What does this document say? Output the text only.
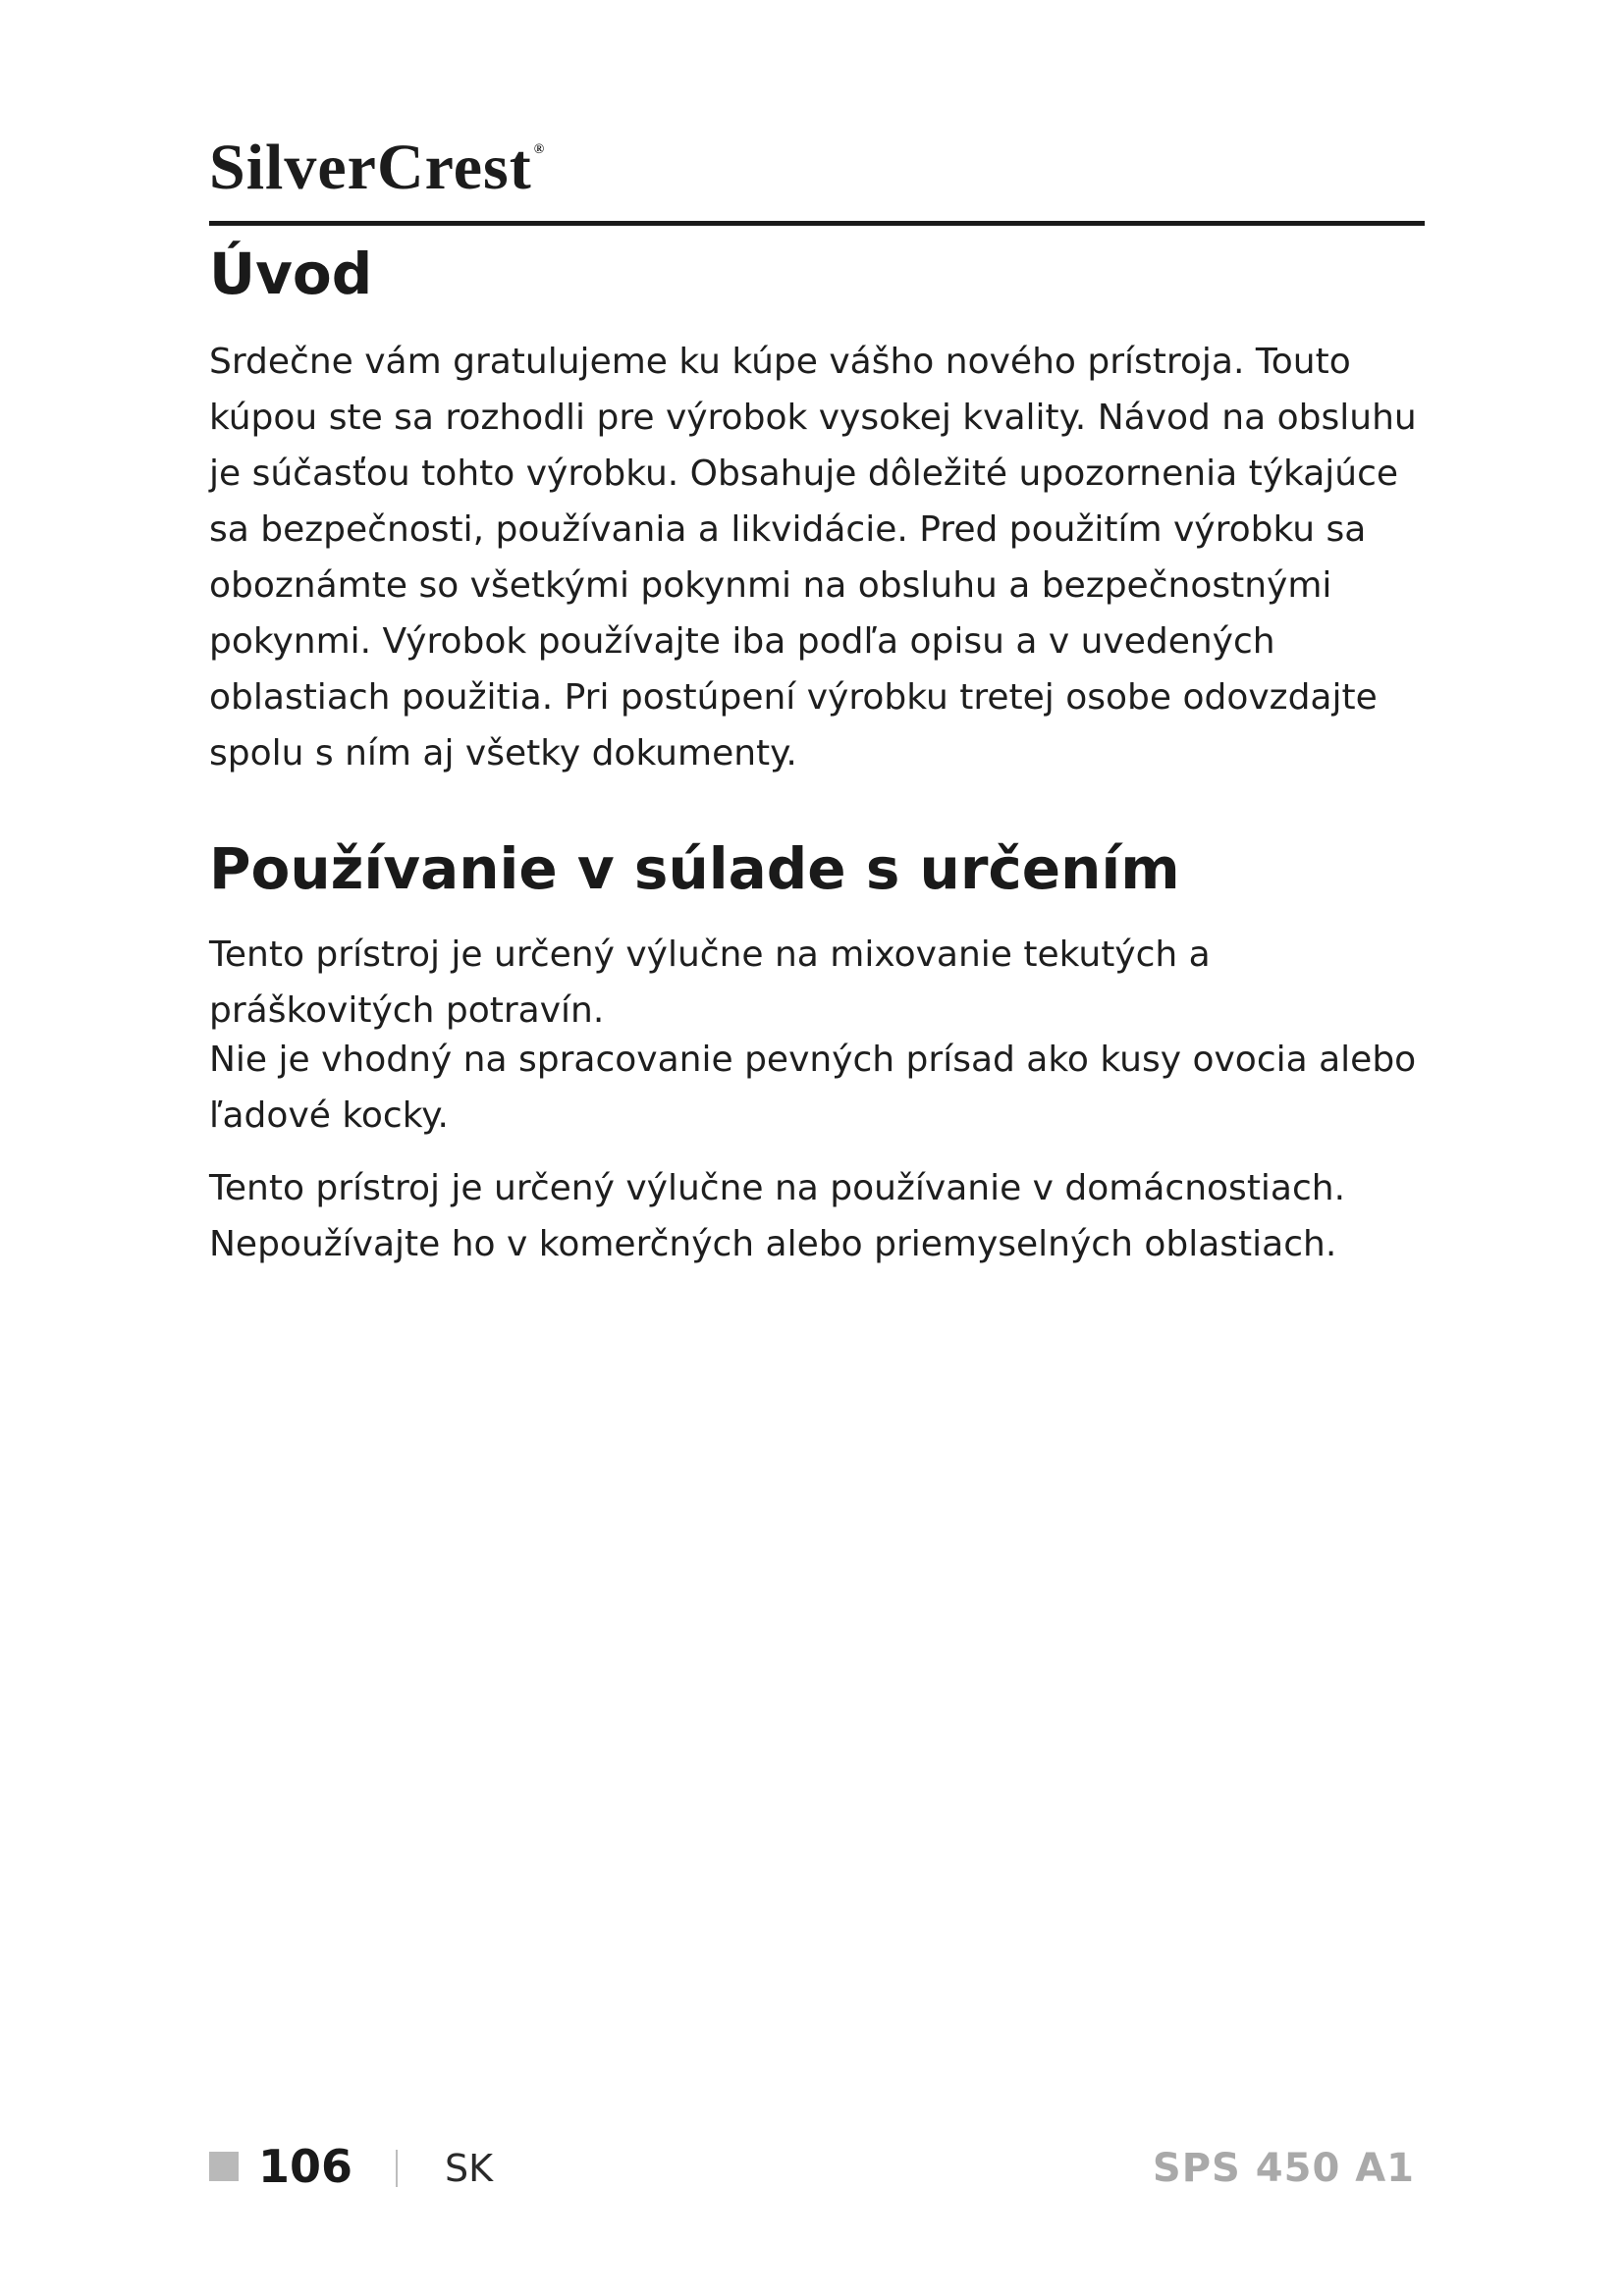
SilverCrest ®
Úvod

Srdečne vám gratulujeme ku kúpe vášho nového prístroja. Touto kúpou ste sa rozhodli pre výrobok vysokej kvality. Návod na obsluhu je súčasťou tohto výrobku. Obsahuje dôležité upozornenia týkajúce sa bezpečnosti, používania a likvidácie. Pred použitím výrobku sa oboznámte so všetkými pokynmi na obsluhu a bezpečnostnými pokynmi. Výrobok používajte iba podľa opisu a v uvedených oblastiach použitia. Pri postúpení výrobku tretej osobe odovzdajte spolu s ním aj všetky dokumenty.

Používanie v súlade s určením

Tento prístroj je určený výlučne na mixovanie tekutých a práškovitých potravín.

Nie je vhodný na spracovanie pevných prísad ako kusy ovocia alebo ľadové kocky.

Tento prístroj je určený výlučne na používanie v domácnostiach. Nepoužívajte ho v komerčných alebo priemyselných oblastiach.

106 SK	SPS 450 A1
